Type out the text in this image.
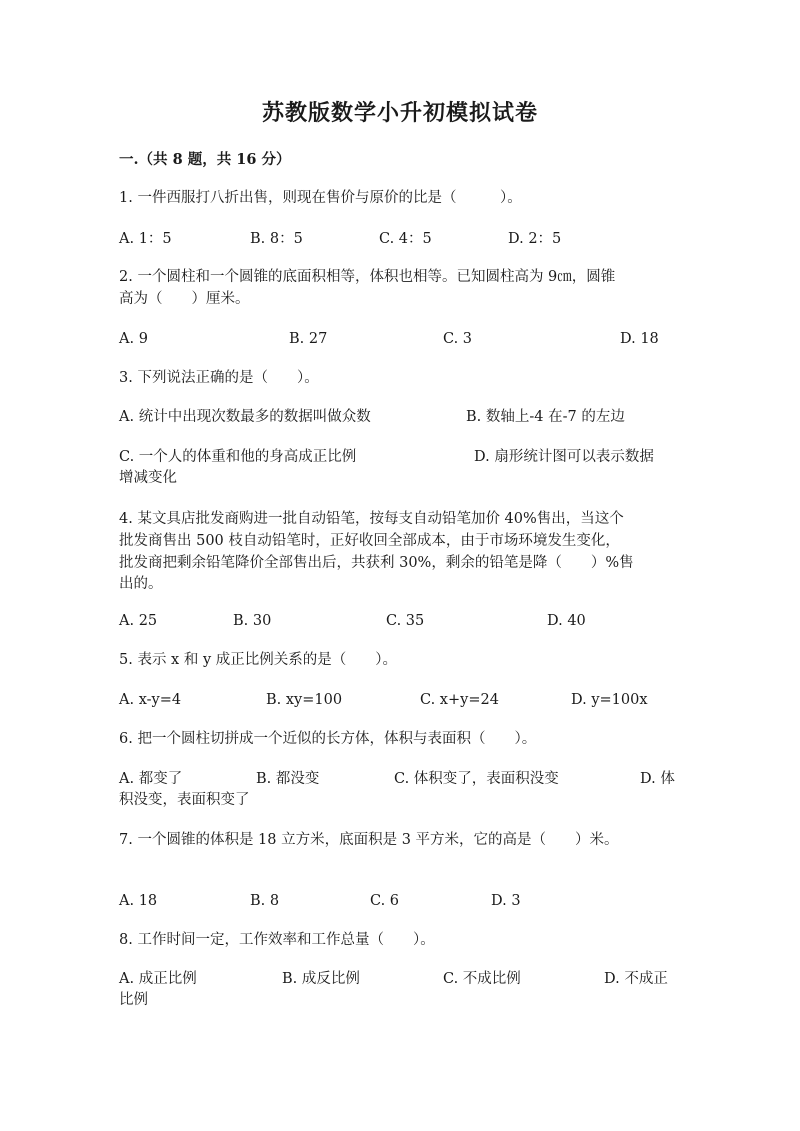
苏教版数学小升初模拟试卷
一.（共 8 题，共 16 分）
1. 一件西服打八折出售，则现在售价与原价的比是（　　　）。
A. 1：5	B. 8：5	C. 4：5	D. 2：5
2. 一个圆柱和一个圆锥的底面积相等，体积也相等。已知圆柱高为 9㎝，圆锥
高为（　　）厘米。
A. 9	B. 27	C. 3	D. 18
3. 下列说法正确的是（　　）。
A. 统计中出现次数最多的数据叫做众数	B. 数轴上-4 在-7 的左边
C. 一个人的体重和他的身高成正比例	D. 扇形统计图可以表示数据
增减变化
4. 某文具店批发商购进一批自动铅笔，按每支自动铅笔加价 40%售出，当这个
批发商售出 500 枝自动铅笔时，正好收回全部成本，由于市场环境发生变化，
批发商把剩余铅笔降价全部售出后，共获利 30%，剩余的铅笔是降（　　）%售
出的。
A. 25	B. 30	C. 35	D. 40
5. 表示 x 和 y 成正比例关系的是（　　）。
A. x-y=4	B. xy=100	C. x+y=24	D. y=100x
6. 把一个圆柱切拼成一个近似的长方体，体积与表面积（　　）。
A. 都变了	B. 都没变	C. 体积变了，表面积没变	D. 体
积没变，表面积变了
7. 一个圆锥的体积是 18 立方米，底面积是 3 平方米，它的高是（　　）米。
A. 18	B. 8	C. 6	D. 3
8. 工作时间一定，工作效率和工作总量（　　）。
A. 成正比例	B. 成反比例	C. 不成比例	D. 不成正
比例
